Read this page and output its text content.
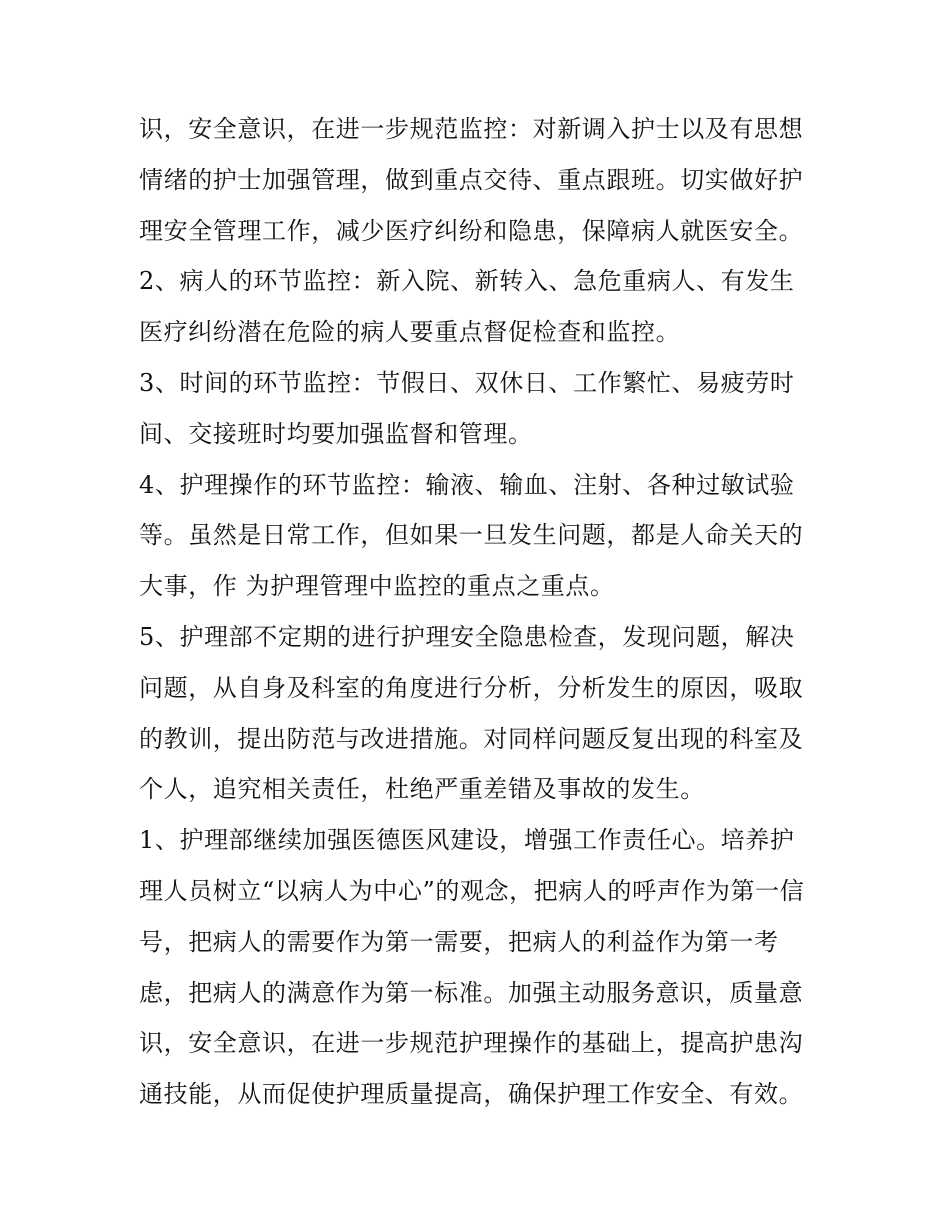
识，安全意识，在进一步规范监控：对新调入护士以及有思想

情绪的护士加强管理，做到重点交待、重点跟班。切实做好护

理安全管理工作，减少医疗纠纷和隐患，保障病人就医安全。

2、病人的环节监控：新入院、新转入、急危重病人、有发生

医疗纠纷潜在危险的病人要重点督促检查和监控。

3、时间的环节监控：节假日、双休日、工作繁忙、易疲劳时

间、交接班时均要加强监督和管理。

4、护理操作的环节监控：输液、输血、注射、各种过敏试验

等。虽然是日常工作，但如果一旦发生问题，都是人命关天的

大事，作 为护理管理中监控的重点之重点。

5、护理部不定期的进行护理安全隐患检查，发现问题，解决

问题，从自身及科室的角度进行分析，分析发生的原因，吸取

的教训，提出防范与改进措施。对同样问题反复出现的科室及

个人，追究相关责任，杜绝严重差错及事故的发生。

1、护理部继续加强医德医风建设，增强工作责任心。培养护

理人员树立“以病人为中心”的观念，把病人的呼声作为第一信

号，把病人的需要作为第一需要，把病人的利益作为第一考

虑，把病人的满意作为第一标准。加强主动服务意识，质量意

识，安全意识，在进一步规范护理操作的基础上，提高护患沟

通技能，从而促使护理质量提高，确保护理工作安全、有效。
